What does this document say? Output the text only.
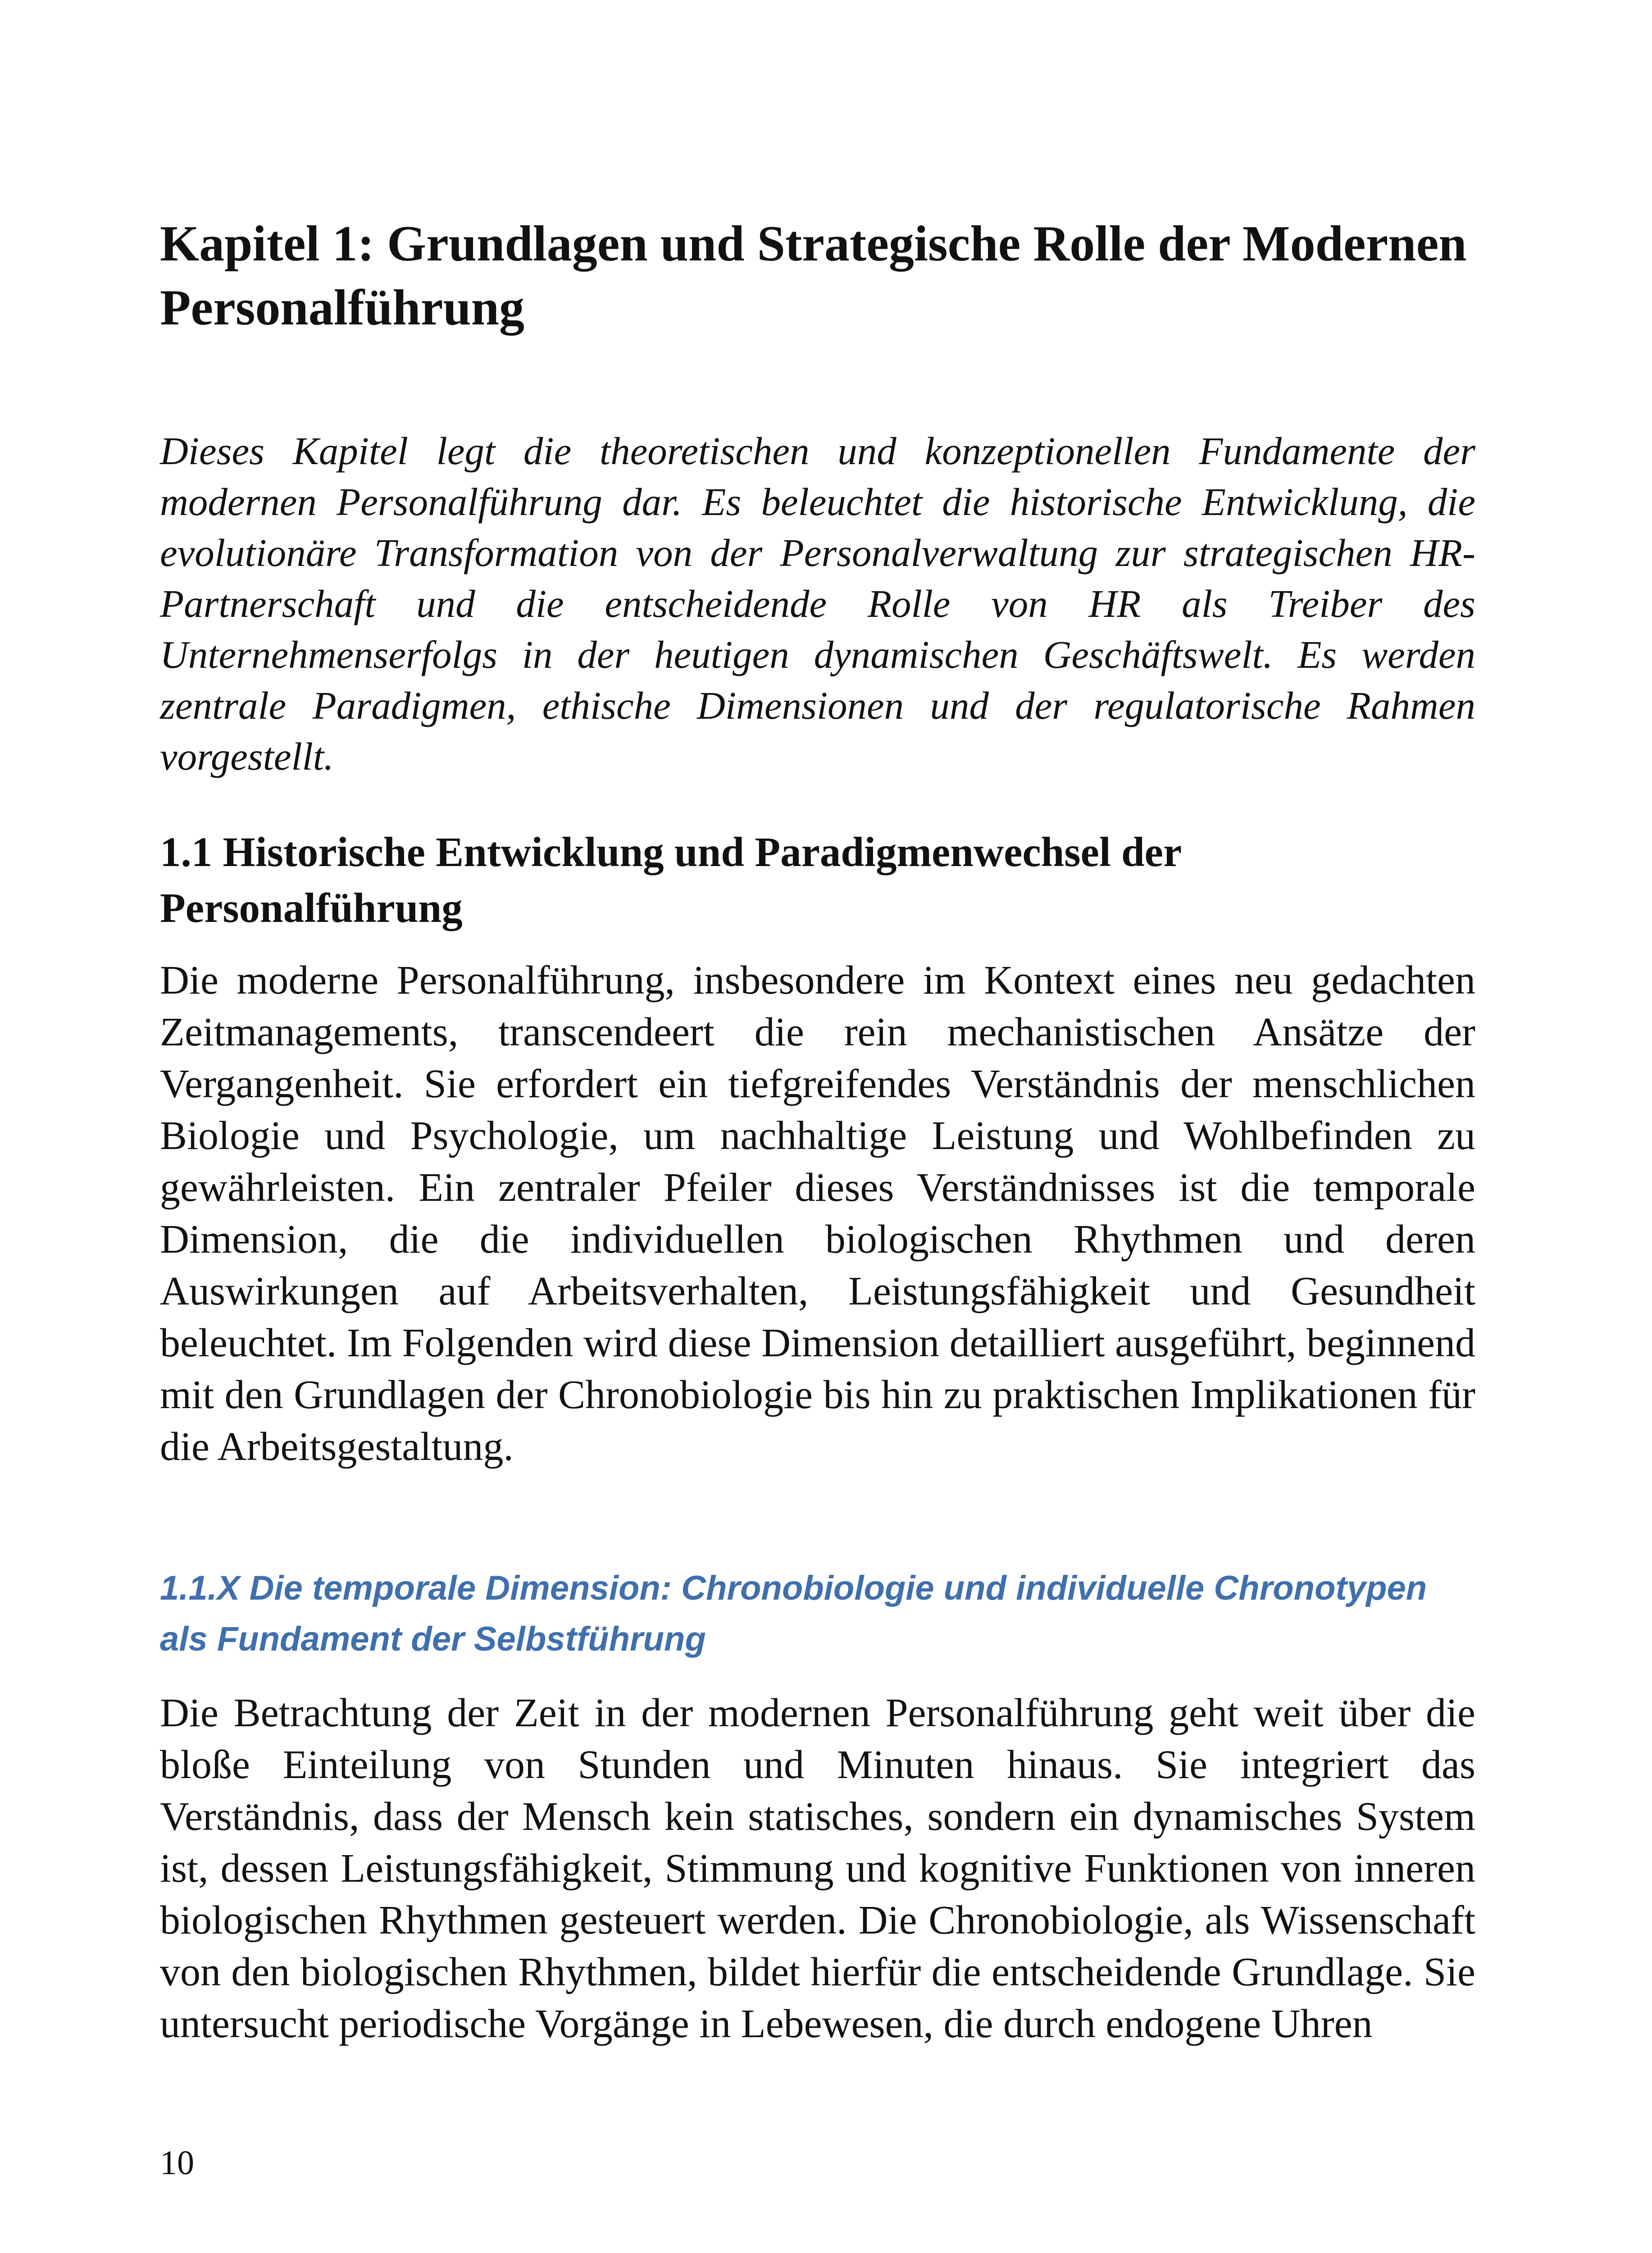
Kapitel 1: Grundlagen und Strategische Rolle der Modernen Personalführung

Dieses Kapitel legt die theoretischen und konzeptionellen Fundamente der modernen Personalführung dar. Es beleuchtet die historische Entwicklung, die evolutionäre Transformation von der Personalverwaltung zur strategischen HR-Partnerschaft und die entscheidende Rolle von HR als Treiber des Unternehmenserfolgs in der heutigen dynamischen Geschäftswelt. Es werden zentrale Paradigmen, ethische Dimensionen und der regulatorische Rahmen vorgestellt.

1.1 Historische Entwicklung und Paradigmenwechsel der Personalführung

Die moderne Personalführung, insbesondere im Kontext eines neu gedachten Zeitmanagements, transcendeert die rein mechanistischen Ansätze der Vergangenheit. Sie erfordert ein tiefgreifendes Verständnis der menschlichen Biologie und Psychologie, um nachhaltige Leistung und Wohlbefinden zu gewährleisten. Ein zentraler Pfeiler dieses Verständnisses ist die temporale Dimension, die die individuellen biologischen Rhythmen und deren Auswirkungen auf Arbeitsverhalten, Leistungsfähigkeit und Gesundheit beleuchtet. Im Folgenden wird diese Dimension detailliert ausgeführt, beginnend mit den Grundlagen der Chronobiologie bis hin zu praktischen Implikationen für die Arbeitsgestaltung.

1.1.X Die temporale Dimension: Chronobiologie und individuelle Chronotypen als Fundament der Selbstführung

Die Betrachtung der Zeit in der modernen Personalführung geht weit über die bloße Einteilung von Stunden und Minuten hinaus. Sie integriert das Verständnis, dass der Mensch kein statisches, sondern ein dynamisches System ist, dessen Leistungsfähigkeit, Stimmung und kognitive Funktionen von inneren biologischen Rhythmen gesteuert werden. Die Chronobiologie, als Wissenschaft von den biologischen Rhythmen, bildet hierfür die entscheidende Grundlage. Sie untersucht periodische Vorgänge in Lebewesen, die durch endogene Uhren

10
